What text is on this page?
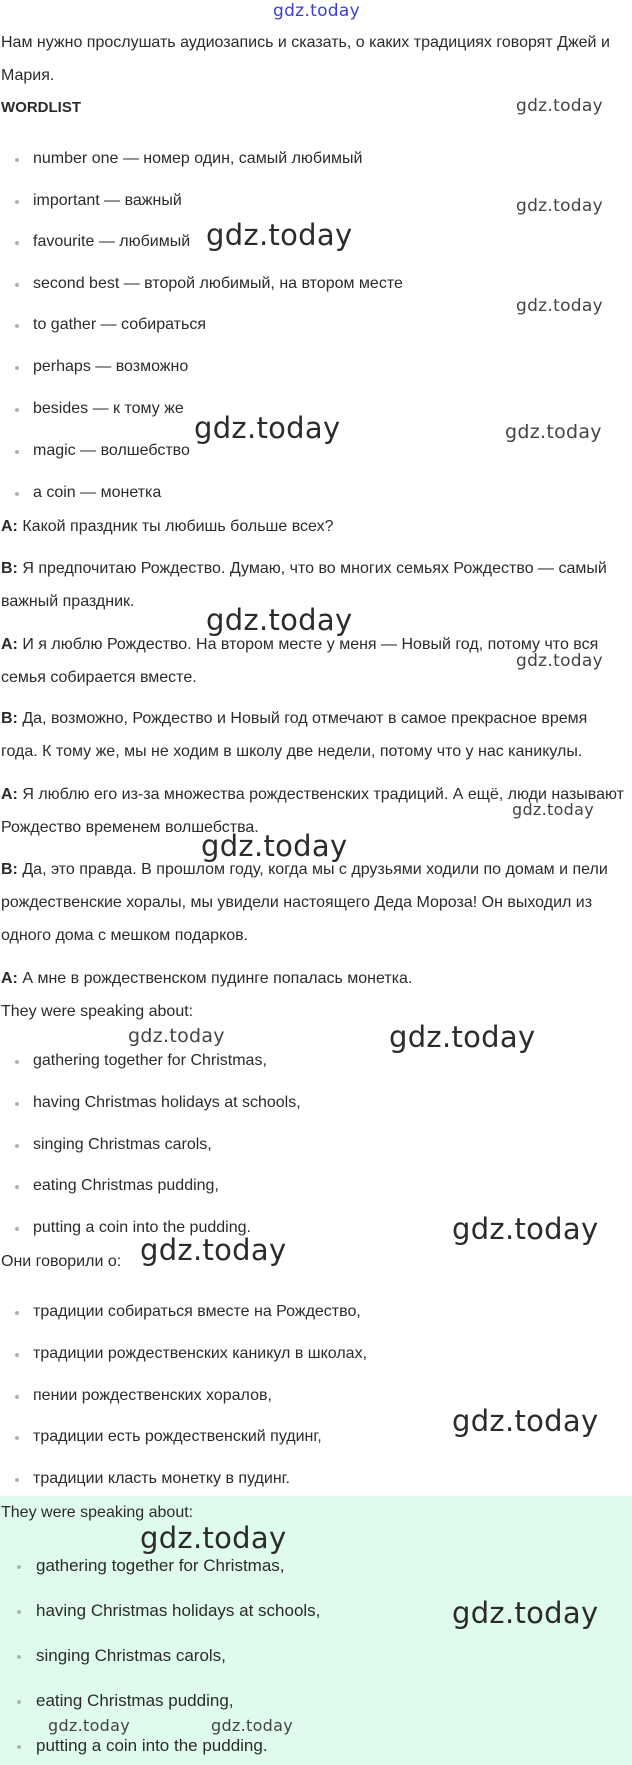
gdz.today

Нам нужно прослушать аудиозапись и сказать, о каких традициях говорят Джей и Мария.

WORDLIST
number one — номер один, самый любимый
important — важный
favourite — любимый
second best — второй любимый, на втором месте
to gather — собираться
perhaps — возможно
besides — к тому же
magic — волшебство
a coin — монетка

A: Какой праздник ты любишь больше всех?

B: Я предпочитаю Рождество. Думаю, что во многих семьях Рождество — самый важный праздник.

A: И я люблю Рождество. На втором месте у меня — Новый год, потому что вся семья собирается вместе.

B: Да, возможно, Рождество и Новый год отмечают в самое прекрасное время года. К тому же, мы не ходим в школу две недели, потому что у нас каникулы.

A: Я люблю его из-за множества рождественских традиций. А ещё, люди называют Рождество временем волшебства.

B: Да, это правда. В прошлом году, когда мы с друзьями ходили по домам и пели рождественские хоралы, мы увидели настоящего Деда Мороза! Он выходил из одного дома с мешком подарков.

A: А мне в рождественском пудинге попалась монетка.

They were speaking about:

gathering together for Christmas,
having Christmas holidays at schools,
singing Christmas carols,
eating Christmas pudding,
putting a coin into the pudding.

Они говорили о:

традиции собираться вместе на Рождество,
традиции рождественских каникул в школах,
пении рождественских хоралов,
традиции есть рождественский пудинг,
традиции класть монетку в пудинг.

They were speaking about:

gathering together for Christmas,
having Christmas holidays at schools,
singing Christmas carols,
eating Christmas pudding,
putting a coin into the pudding.
gdz.today
gdz.today
gdz.today
gdz.today
gdz.today	gdz.today
gdz.today
gdz.today
gdz.today
gdz.today
gdz.today	gdz.today
gdz.today
gdz.today
gdz.today
gdz.today
gdz.today
gdz.today	gdz.today
